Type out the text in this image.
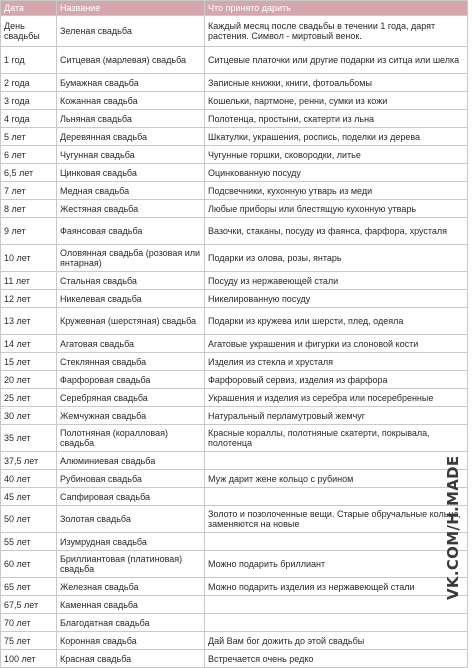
Дата	Название	Что принято дарить
День свадьбы	Зеленая свадьба	Каждый месяц после свадьбы в течении 1 года, дарят растения. Символ - миртовый венок.
1 год	Ситцевая (марлевая) свадьба	Ситцевые платочки или другие подарки из ситца или шелка
2 года	Бумажная свадьба	Записные книжки, книги, фотоальбомы
3 года	Кожанная свадьба	Кошельки, партмоне, ренни, сумки из кожи
4 года	Льняная свадьба	Полотенца, простыни, скатерти из льна
5 лет	Деревянная свадьба	Шкатулки, украшения, роспись, поделки из дерева
6 лет	Чугунная свадьба	Чугунные горшки, сковородки, литье
6,5 лет	Цинковая свадьба	Оцинкованную посуду
7 лет	Медная свадьба	Подсвечники, кухонную утварь из меди
8 лет	Жестяная свадьба	Любые приборы или блестящую кухонную утварь
9 лет	Фаянсовая свадьба	Вазочки, стаканы, посуду из фаянса, фарфора, хрусталя
10 лет	Оловянная свадьба (розовая или янтарная)	Подарки из олова, розы, янтарь
11 лет	Стальная свадьба	Посуду из нержавеющей стали
12 лет	Никелевая свадьба	Никелированную посуду
13 лет	Кружевная (шерстяная) свадьба	Подарки из кружева или шерсти, плед, одеяла
14 лет	Агатовая свадьба	Агатовые украшения и фигурки из слоновой кости
15 лет	Стеклянная свадьба	Изделия из стекла и хрусталя
20 лет	Фарфоровая свадьба	Фарфоровый сервиз, изделия из фарфора
25 лет	Серебряная свадьба	Украшения и изделия из серебра или посеребренные
30 лет	Жемчужная свадьба	Натуральный перламутровый жемчуг
35 лет	Полотняная (коралловая) свадьба	Красные кораллы, полотняные скатерти, покрывала, полотенца
37,5 лет	Алюминиевая свадьба	
40 лет	Рубиновая свадьба	Муж дарит жене кольцо с рубином
45 лет	Сапфировая свадьба	
50 лет	Золотая свадьба	Золото и позолоченные вещи. Старые обручальные кольца, заменяются на новые
55 лет	Изумрудная свадьба	
60 лет	Бриллиантовая (платиновая) свадьба	Можно подарить бриллиант
65 лет	Железная свадьба	Можно подарить изделия из нержавеющей стали
67,5 лет	Каменная свадьба	
70 лет	Благодатная свадьба	
75 лет	Коронная свадьба	Дай Вам бог дожить до этой свадьбы
100 лет	Красная свадьба	Встречается очень редко
VK.COM/H.MADE
